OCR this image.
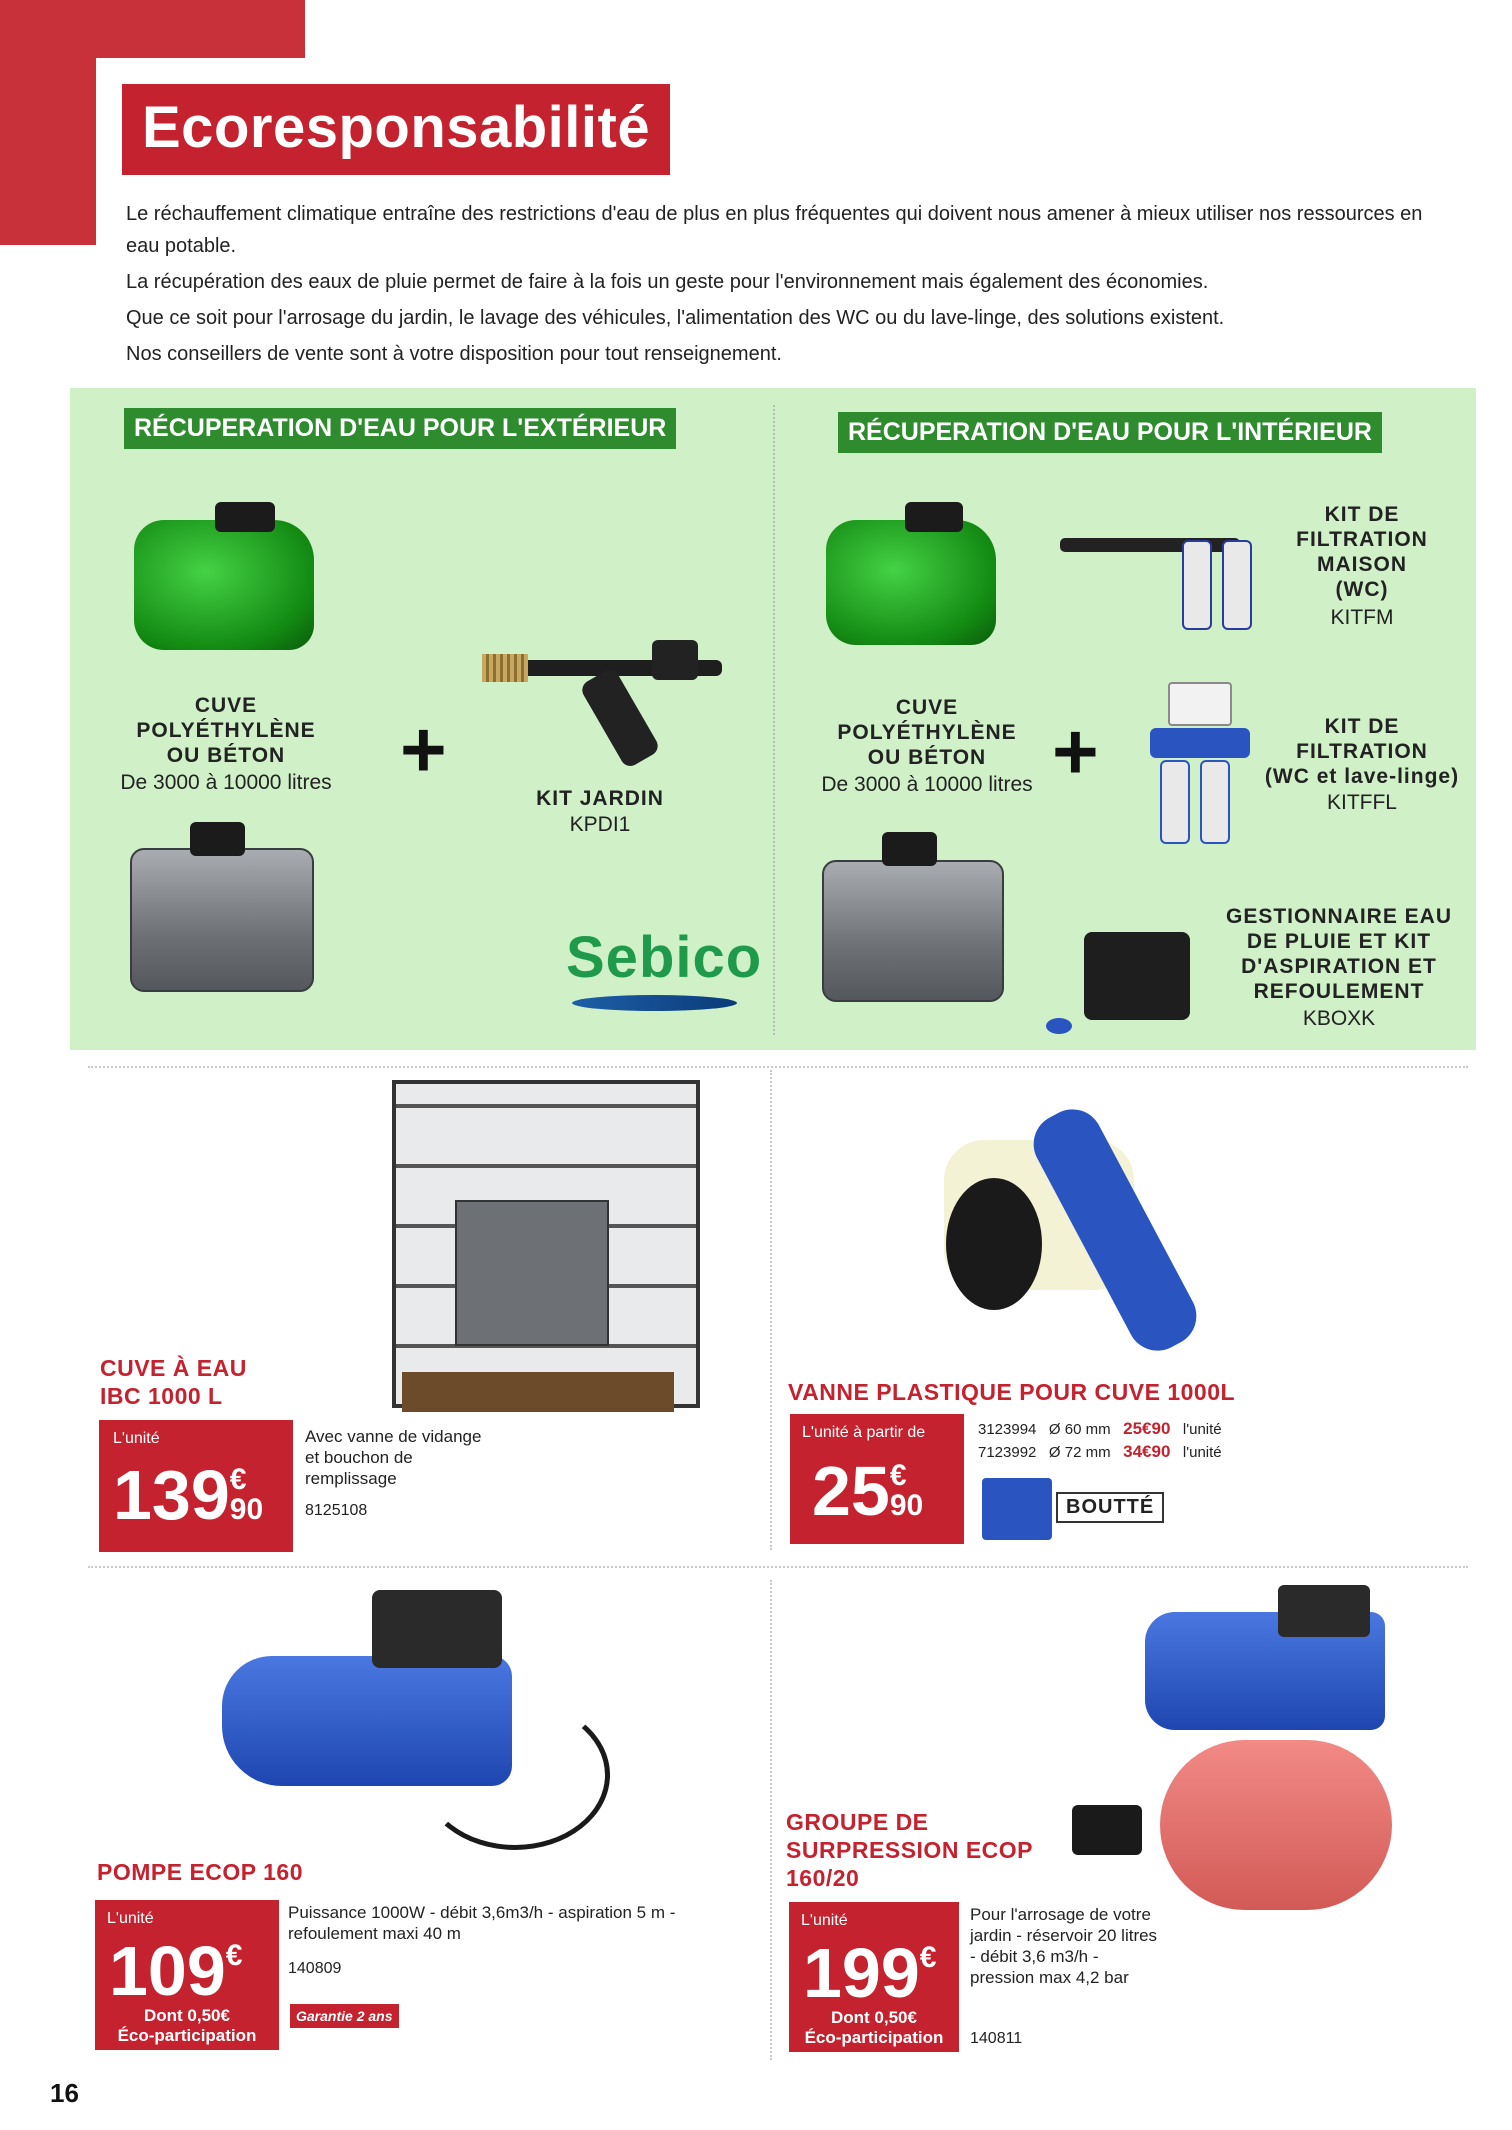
Ecoresponsabilité

Le réchauffement climatique entraîne des restrictions d'eau de plus en plus fréquentes qui doivent nous amener à mieux utiliser nos ressources en eau potable.

La récupération des eaux de pluie permet de faire à la fois un geste pour l'environnement mais également des économies.

Que ce soit pour l'arrosage du jardin, le lavage des véhicules, l'alimentation des WC ou du lave-linge, des solutions existent.

Nos conseillers de vente sont à votre disposition pour tout renseignement.

RÉCUPERATION D'EAU POUR L'EXTÉRIEUR
CUVE
POLYÉTHYLÈNE
OU BÉTON
De 3000 à 10000 litres +
KIT JARDIN
KPDI1
Sebico
RÉCUPERATION D'EAU POUR L'INTÉRIEUR
CUVE
POLYÉTHYLÈNE
OU BÉTON
De 3000 à 10000 litres +
KIT DE
FILTRATION
MAISON
(WC)
KITFM
KIT DE
FILTRATION
(WC et lave-linge)
KITFFL
GESTIONNAIRE EAU
DE PLUIE ET KIT
D'ASPIRATION ET
REFOULEMENT
KBOXK
CUVE À EAU
IBC 1000 L
L'unité
139€
90
Avec vanne de vidange et bouchon de remplissage
8125108
VANNE PLASTIQUE POUR CUVE 1000L
L'unité à partir de
25€
90
3123994 Ø 60 mm 25€90 l'unité
7123992 Ø 72 mm 34€90 l'unité
BOUTTÉ
POMPE ECOP 160
L'unité
109€
Dont 0,50€
Éco-participation
Puissance 1000W - débit 3,6m3/h - aspiration 5 m - refoulement maxi 40 m
140809
Garantie 2 ans
GROUPE DE
SURPRESSION ECOP
160/20
L'unité
199€
Dont 0,50€
Éco-participation
Pour l'arrosage de votre jardin - réservoir 20 litres - débit 3,6 m3/h - pression max 4,2 bar
140811
16
